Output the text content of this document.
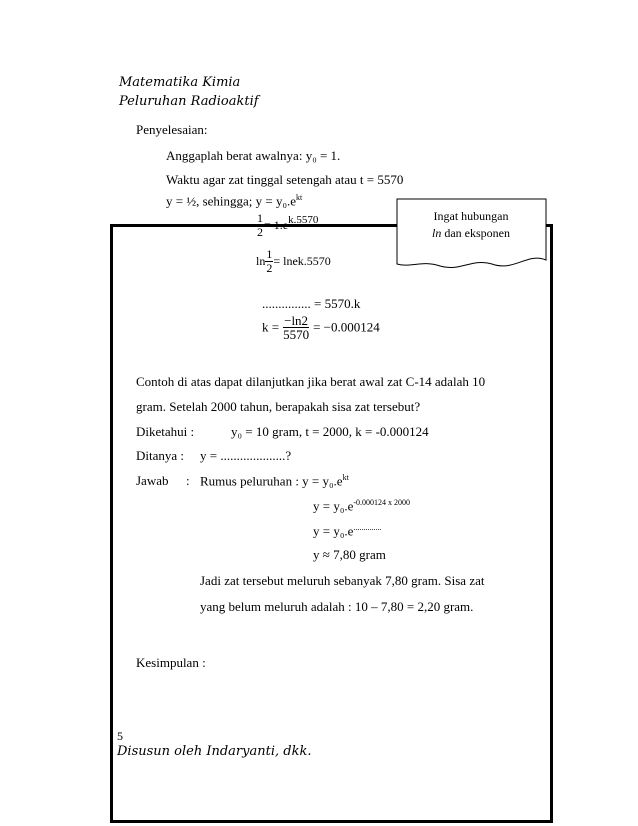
Matematika Kimia
Peluruhan Radioaktif
Penyelesaian:
Anggaplah berat awalnya: y₀ = 1.
Waktu agar zat tinggal setengah atau t = 5570
y = ½, sehingga; $y = y_0.e^{kt}$
$\frac{1}{2} = 1.e^{k.5570}$
$\ln \frac{1}{2}$ = lnek.5570
............... = 5570.k
$k = \frac{-\ln 2}{5570} = -0.000124$
Ingat hubungan
ln dan eksponen
Contoh di atas dapat dilanjutkan jika berat awal zat C-14 adalah 10
gram. Setelah 2000 tahun, berapakah sisa zat tersebut?
Diketahui :	y₀ = 10 gram, t = 2000, k = -0.000124
Ditanya : y = ....................?
Jawab : Rumus peluruhan : $y = y_0.e^{kt}$
$y = y_0.e^{-0.000124 x 2000}$
y = y₀.e..............
y ≈ 7,80 gram
Jadi zat tersebut meluruh sebanyak 7,80 gram. Sisa zat
yang belum meluruh adalah : 10 – 7,80 = 2,20 gram.
Kesimpulan :
5
Disusun oleh Indaryanti, dkk.
